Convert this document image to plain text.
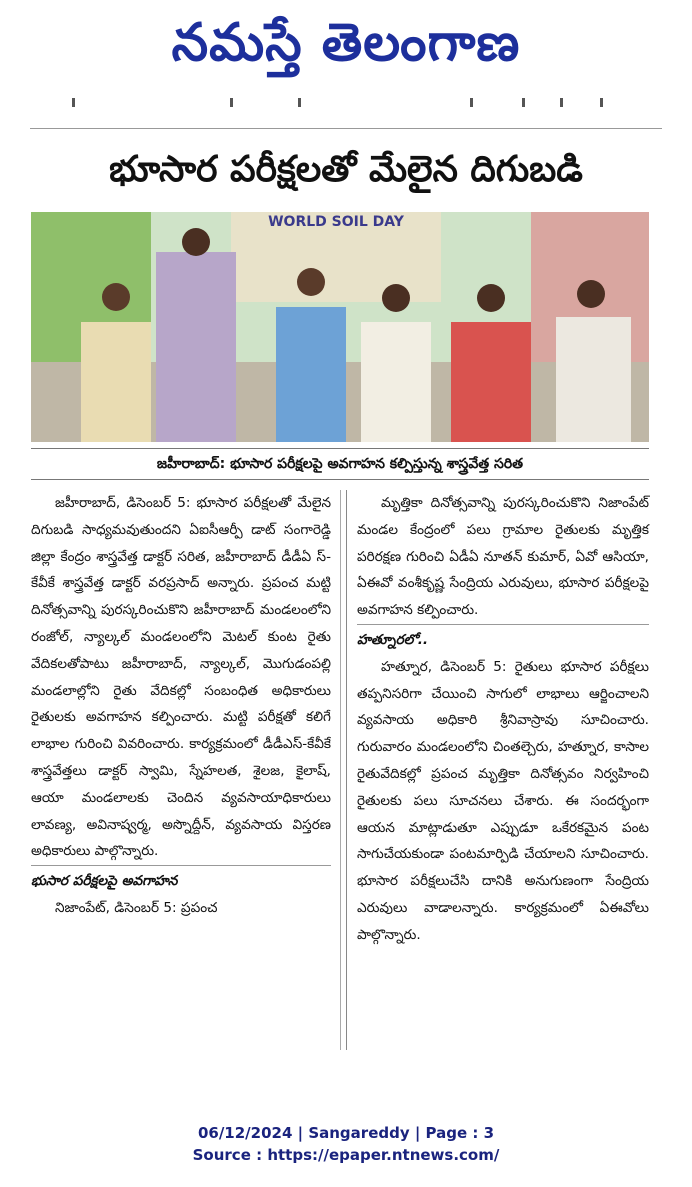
నమస్తే తెలంగాణ
భూసార పరీక్షలతో మేలైన దిగుబడి
WORLD SOIL DAY
జహీరాబాద్: భూసార పరీక్షలపై అవగాహన కల్పిస్తున్న శాస్త్రవేత్త సరిత

జహీరాబాద్, డిసెంబర్ 5: భూసార పరీక్షలతో మేలైన దిగుబడి సాధ్యమవుతుందని ఏఐసీఆర్పీ డాట్ సంగారెడ్డి జిల్లా కేంద్రం శాస్త్రవేత్త డాక్టర్ సరిత, జహీరాబాద్ డీడీఏ స్-కేవీకే శాస్త్రవేత్త డాక్టర్ వరప్రసాద్ అన్నారు. ప్రపంచ మట్టి దినోత్సవాన్ని పురస్కరించుకొని జహీరాబాద్ మండలంలోని రంజోల్, న్యాల్కల్ మండలంలోని మెటల్ కుంట రైతు వేదికలతోపాటు జహీరాబాద్, న్యాల్కల్, మొగుడంపల్లి మండలాల్లోని రైతు వేదికల్లో సంబంధిత అధికారులు రైతులకు అవగాహన కల్పించారు. మట్టి పరీక్షతో కలిగే లాభాల గురించి వివరించారు. కార్యక్రమంలో డీడీఎస్-కేవీకే శాస్త్రవేత్తలు డాక్టర్ స్వామి, స్నేహలత, శైలజ, కైలాష్, ఆయా మండలాలకు చెందిన వ్యవసాయాధికారులు లావణ్య, అవినాష్వర్మ, అస్నొద్దీన్, వ్యవసాయ విస్తరణ అధికారులు పాల్గొన్నారు.

భుసార పరీక్షలపై అవగాహన

నిజాంపేట్, డిసెంబర్ 5: ప్రపంచ

మృత్తికా దినోత్సవాన్ని పురస్కరించుకొని నిజాంపేట్ మండల కేంద్రంలో పలు గ్రామాల రైతులకు మృత్తిక పరిరక్షణ గురించి ఏడీఏ నూతన్ కుమార్, ఏవో ఆసియా, ఏఈవో వంశీకృష్ణ సేంద్రియ ఎరువులు, భూసార పరీక్షలపై అవగాహన కల్పించారు.

హత్నూరలో..

హత్నూర, డిసెంబర్ 5: రైతులు భూసార పరీక్షలు తప్పనిసరిగా చేయించి సాగులో లాభాలు ఆర్జించాలని వ్యవసాయ అధికారి శ్రీనివాస్రావు సూచించారు. గురువారం మండలంలోని చింతల్చెరు, హత్నూర, కాసాల రైతువేదికల్లో ప్రపంచ మృత్తికా దినోత్సవం నిర్వహించి రైతులకు పలు సూచనలు చేశారు. ఈ సందర్భంగా ఆయన మాట్లాడుతూ ఎప్పుడూ ఒకేరకమైన పంట సాగుచేయకుండా పంటమార్పిడి చేయాలని సూచించారు. భూసార పరీక్షలుచేసి దానికి అనుగుణంగా సేంద్రియ ఎరువులు వాడాలన్నారు. కార్యక్రమంలో ఏఈవోలు పాల్గొన్నారు.

06/12/2024 | Sangareddy | Page : 3
Source : https://epaper.ntnews.com/
